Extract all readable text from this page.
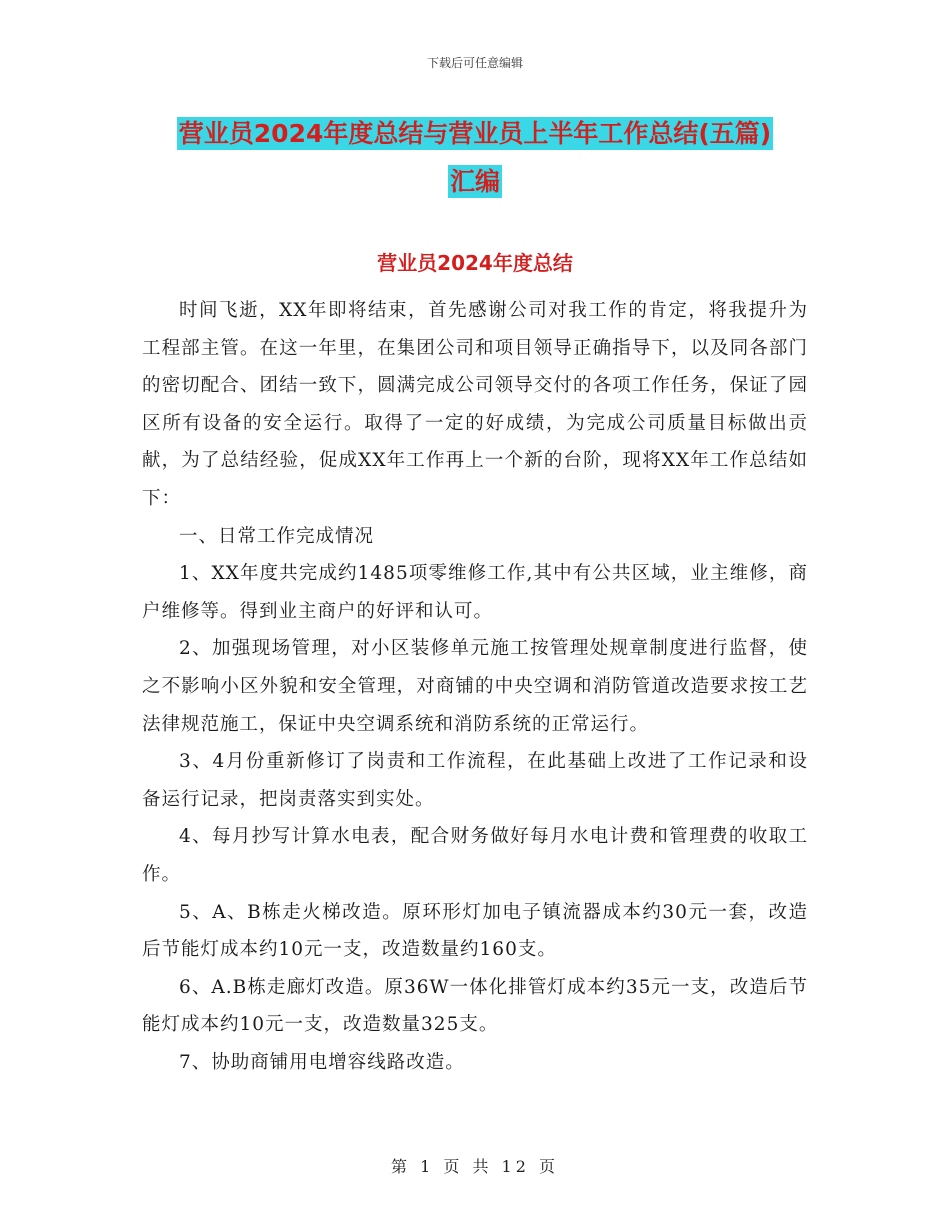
下载后可任意编辑
营业员2024年度总结与营业员上半年工作总结(五篇)
汇编
营业员2024年度总结

时间飞逝，XX年即将结束，首先感谢公司对我工作的肯定，将我提升为工程部主管。在这一年里，在集团公司和项目领导正确指导下，以及同各部门的密切配合、团结一致下，圆满完成公司领导交付的各项工作任务，保证了园区所有设备的安全运行。取得了一定的好成绩，为完成公司质量目标做出贡献，为了总结经验，促成XX年工作再上一个新的台阶，现将XX年工作总结如下：

一、日常工作完成情况

1、XX年度共完成约1485项零维修工作,其中有公共区域，业主维修，商户维修等。得到业主商户的好评和认可。

2、加强现场管理，对小区装修单元施工按管理处规章制度进行监督，使之不影响小区外貌和安全管理，对商铺的中央空调和消防管道改造要求按工艺法律规范施工，保证中央空调系统和消防系统的正常运行。

3、4月份重新修订了岗责和工作流程，在此基础上改进了工作记录和设备运行记录，把岗责落实到实处。

4、每月抄写计算水电表，配合财务做好每月水电计费和管理费的收取工作。

5、A、B栋走火梯改造。原环形灯加电子镇流器成本约30元一套，改造后节能灯成本约10元一支，改造数量约160支。

6、A.B栋走廊灯改造。原36W一体化排管灯成本约35元一支，改造后节能灯成本约10元一支，改造数量325支。

7、协助商铺用电增容线路改造。

第 1 页 共 12 页
